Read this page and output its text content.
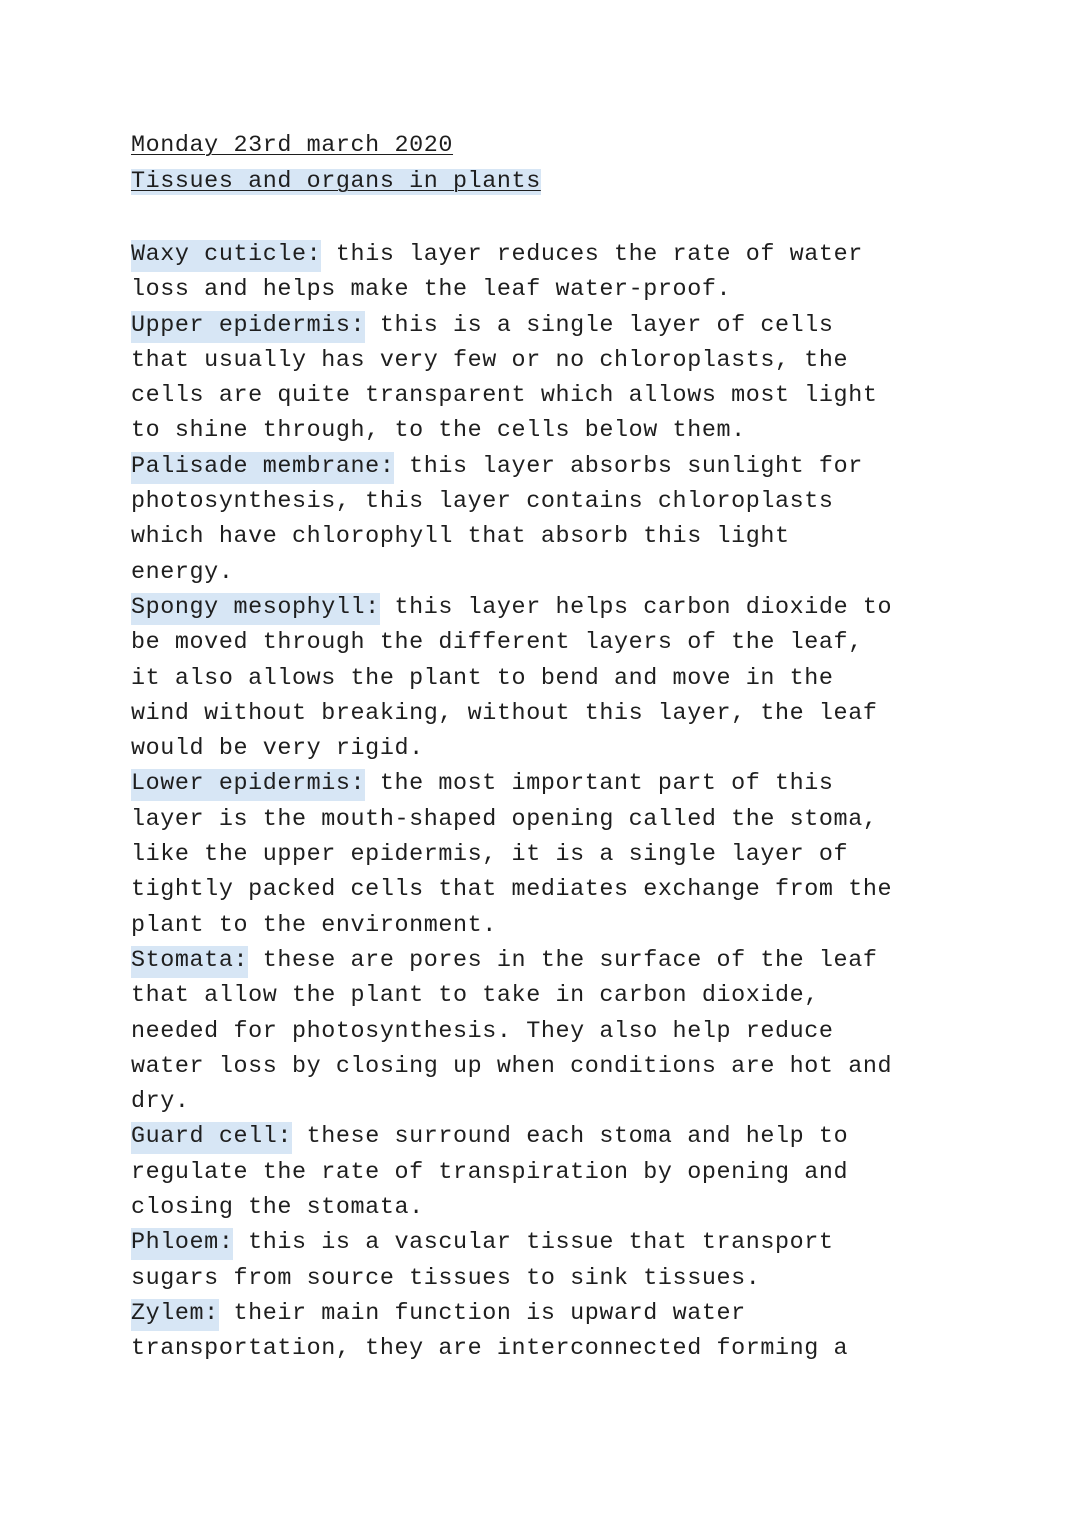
Monday 23rd march 2020
Tissues and organs in plants
Waxy cuticle: this layer reduces the rate of water
loss and helps make the leaf water-proof.
Upper epidermis: this is a single layer of cells
that usually has very few or no chloroplasts, the
cells are quite transparent which allows most light
to shine through, to the cells below them.
Palisade membrane: this layer absorbs sunlight for
photosynthesis, this layer contains chloroplasts
which have chlorophyll that absorb this light
energy.
Spongy mesophyll: this layer helps carbon dioxide to
be moved through the different layers of the leaf,
it also allows the plant to bend and move in the
wind without breaking, without this layer, the leaf
would be very rigid.
Lower epidermis: the most important part of this
layer is the mouth-shaped opening called the stoma,
like the upper epidermis, it is a single layer of
tightly packed cells that mediates exchange from the
plant to the environment.
Stomata: these are pores in the surface of the leaf
that allow the plant to take in carbon dioxide,
needed for photosynthesis. They also help reduce
water loss by closing up when conditions are hot and
dry.
Guard cell: these surround each stoma and help to
regulate the rate of transpiration by opening and
closing the stomata.
Phloem: this is a vascular tissue that transport
sugars from source tissues to sink tissues.
Zylem: their main function is upward water
transportation, they are interconnected forming a
